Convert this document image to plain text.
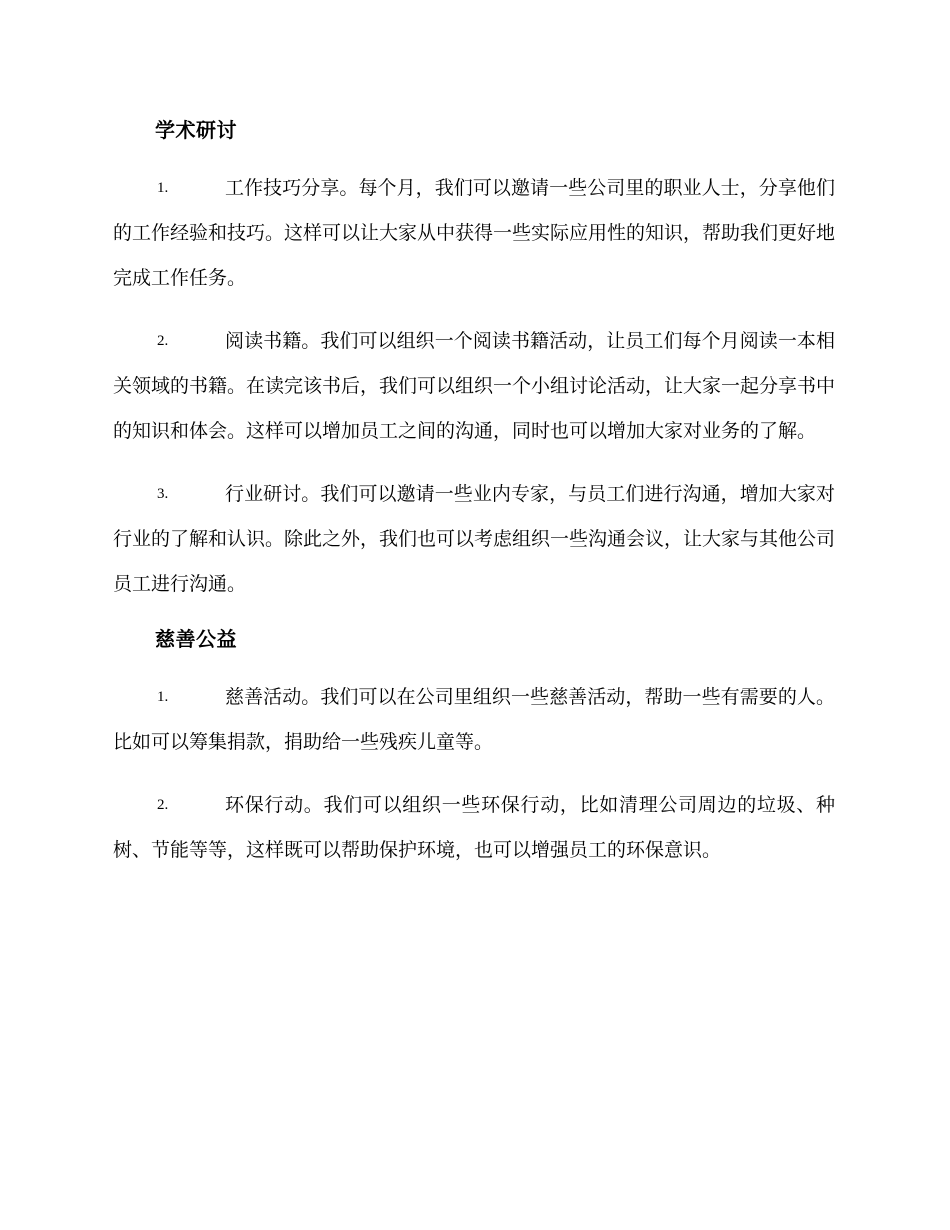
学术研讨
1.	工作技巧分享。每个月，我们可以邀请一些公司里的职业人士，分享他们的工作经验和技巧。这样可以让大家从中获得一些实际应用性的知识，帮助我们更好地完成工作任务。
2.	阅读书籍。我们可以组织一个阅读书籍活动，让员工们每个月阅读一本相关领域的书籍。在读完该书后，我们可以组织一个小组讨论活动，让大家一起分享书中的知识和体会。这样可以增加员工之间的沟通，同时也可以增加大家对业务的了解。
3.	行业研讨。我们可以邀请一些业内专家，与员工们进行沟通，增加大家对行业的了解和认识。除此之外，我们也可以考虑组织一些沟通会议，让大家与其他公司员工进行沟通。
慈善公益
1.	慈善活动。我们可以在公司里组织一些慈善活动，帮助一些有需要的人。比如可以筹集捐款，捐助给一些残疾儿童等。
2.	环保行动。我们可以组织一些环保行动，比如清理公司周边的垃圾、种树、节能等等，这样既可以帮助保护环境，也可以增强员工的环保意识。
